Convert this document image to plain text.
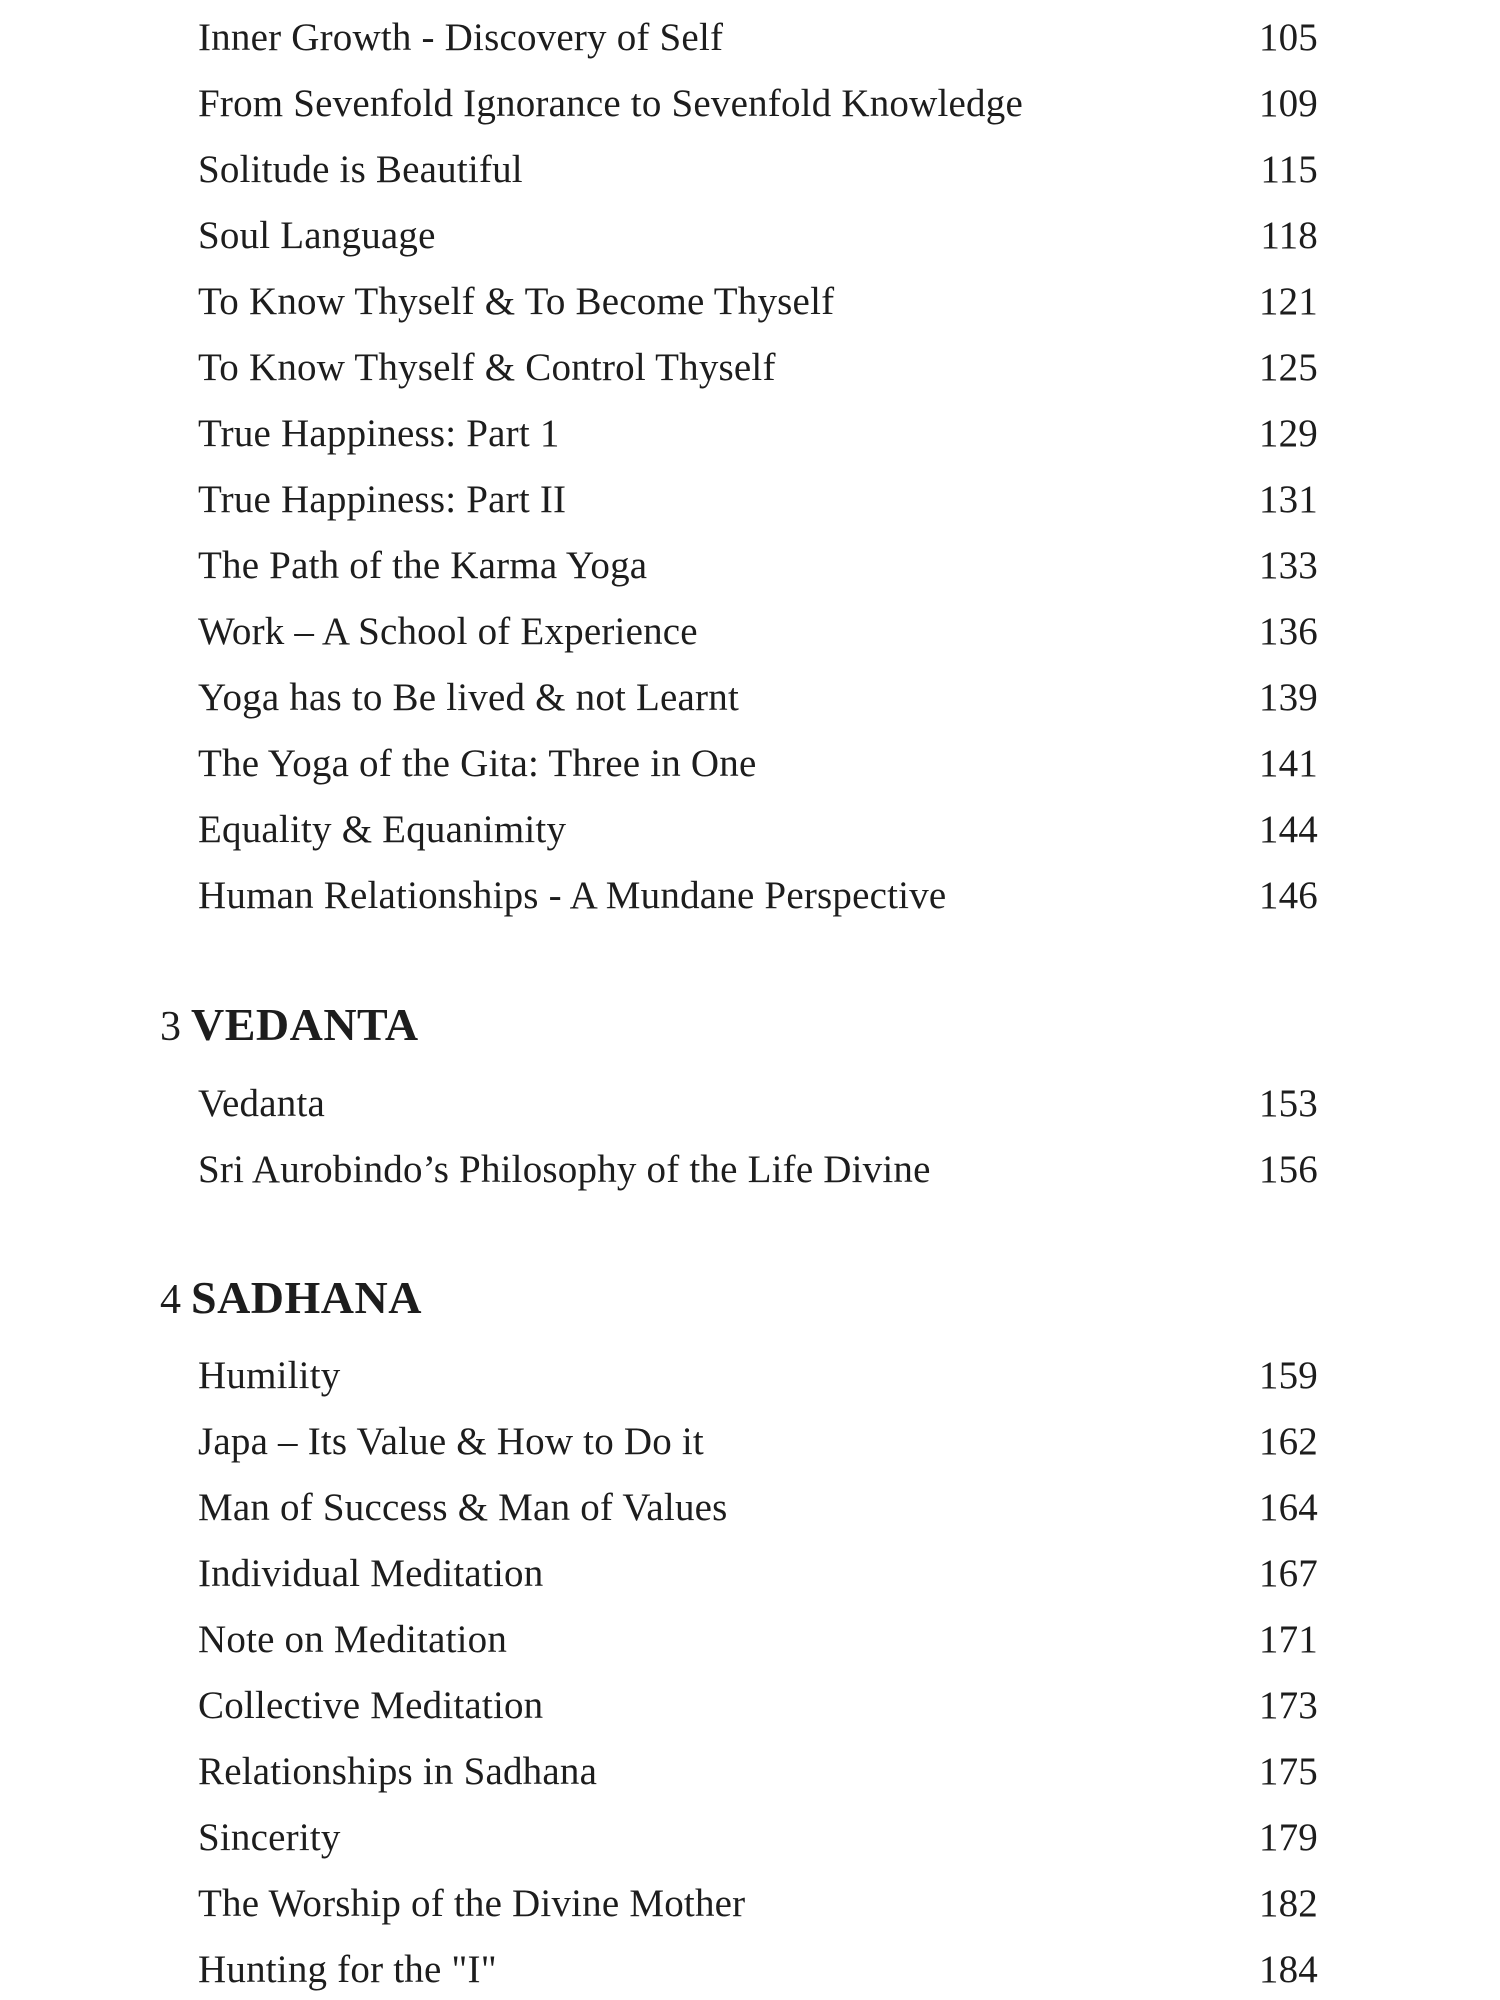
Inner Growth - Discovery of Self	105
From Sevenfold Ignorance to Sevenfold Knowledge	109
Solitude is Beautiful	115
Soul Language	118
To Know Thyself & To Become Thyself	121
To Know Thyself & Control Thyself	125
True Happiness: Part 1	129
True Happiness: Part II	131
The Path of the Karma Yoga	133
Work – A School of Experience	136
Yoga has to Be lived & not Learnt	139
The Yoga of the Gita: Three in One	141
Equality & Equanimity	144
Human Relationships - A Mundane Perspective	146
3 VEDANTA
Vedanta	153
Sri Aurobindo’s Philosophy of the Life Divine	156
4 SADHANA
Humility	159
Japa – Its Value & How to Do it	162
Man of Success & Man of Values	164
Individual Meditation	167
Note on Meditation	171
Collective Meditation	173
Relationships in Sadhana	175
Sincerity	179
The Worship of the Divine Mother	182
Hunting for the "I"	184
